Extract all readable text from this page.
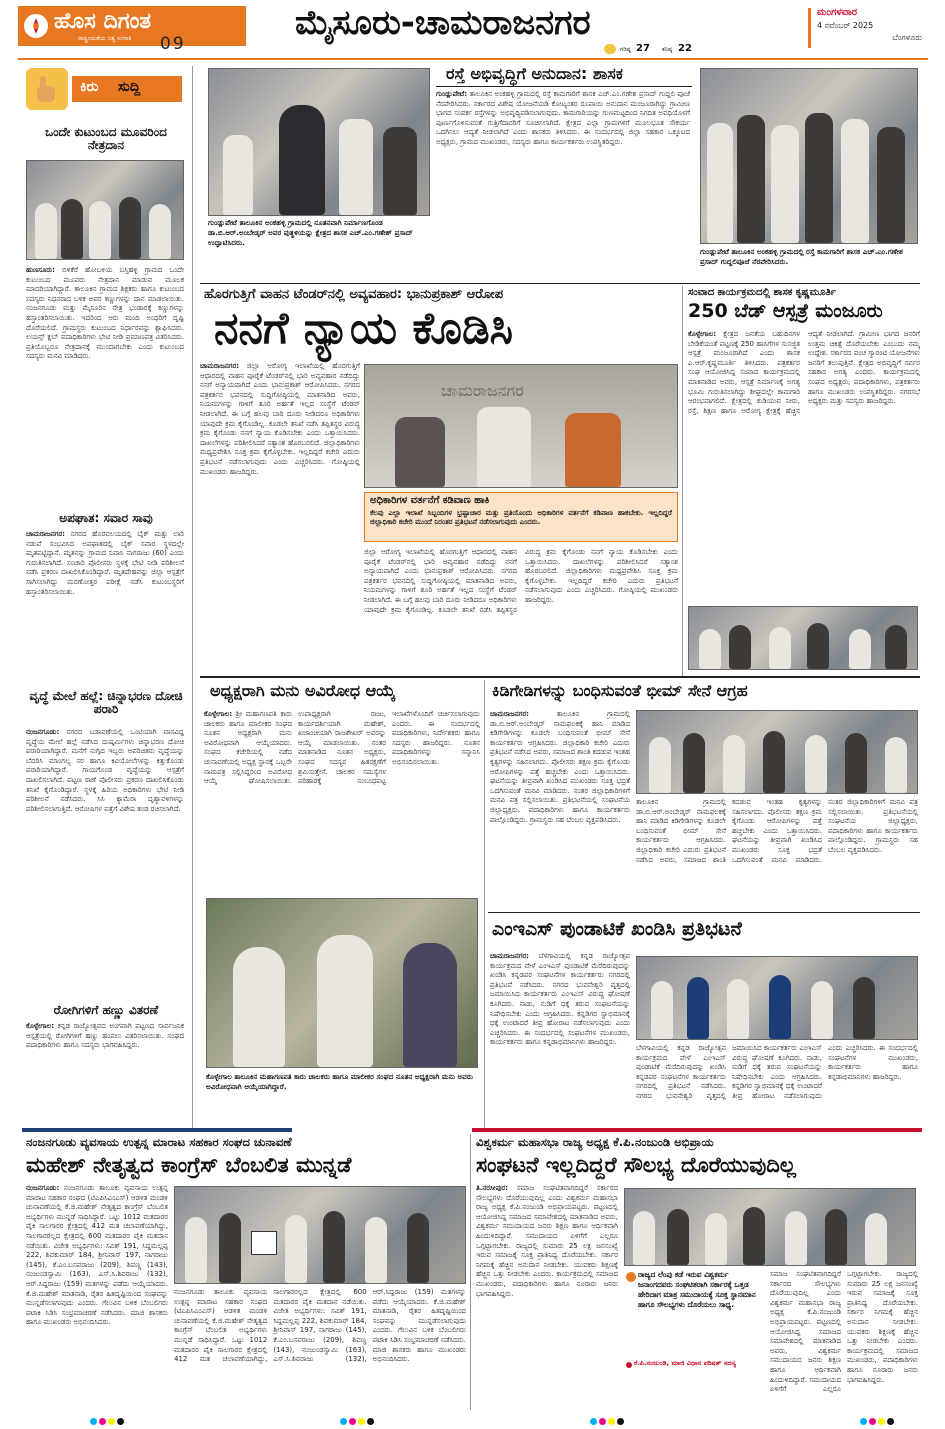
ಹೊಸ ದಿಗಂತ
ರಾಷ್ಟ್ರೀಯತೆಯ ನಿತ್ಯ ಸಂಗಾತಿ 09
ಮೈಸೂರು-ಚಾಮರಾಜನಗರ
ಗರಿಷ್ಠ 27 ಕನಿಷ್ಠ 22
ಮಂಗಳವಾರ
4 ನವೆಂಬರ್ 2025
ಬೆಂಗಳೂರು
ಕಿರು ಸುದ್ದಿ
ಒಂದೇ ಕುಟುಂಬದ ಮೂವರಿಂದ ನೇತ್ರದಾನ
ಹುಣಸೂರು: ಬಿಳಿಕೆರೆ ಹೋಬಳಿಯ ಬಸ್ತಿಹಳ್ಳಿ ಗ್ರಾಮದ ಒಂದೇ ಕುಟುಂಬದ ಮೂವರು ನೇತ್ರದಾನ ಮಾಡುವ ಮೂಲಕ ಮಾದರಿಯಾಗಿದ್ದಾರೆ. ತಾಲೂಕಿನ ಗ್ರಾಮದ ಶಿಕ್ಷಕರು ಹಾಗೂ ಕುಟುಂಬದ ಸದಸ್ಯರು ನಿಧನರಾದ ಬಳಿಕ ಅವರ ಕಣ್ಣುಗಳನ್ನು ದಾನ ಮಾಡಲಾಯಿತು. ನಂಜನಗೂಡು ಮತ್ತು ಮೈಸೂರಿನ ನೇತ್ರ ಭಂಡಾರಕ್ಕೆ ಕಣ್ಣುಗಳನ್ನು ಹಸ್ತಾಂತರಿಸಲಾಯಿತು. ಇದರಿಂದ ಆರು ಮಂದಿ ಅಂಧರಿಗೆ ದೃಷ್ಟಿ ದೊರೆಯಲಿದೆ. ಗ್ರಾಮಸ್ಥರು ಕುಟುಂಬದ ನಿರ್ಧಾರವನ್ನು ಶ್ಲಾಘಿಸಿದರು. ಲಯನ್ಸ್ ಕ್ಲಬ್ ಪದಾಧಿಕಾರಿಗಳು ಭೇಟಿ ನೀಡಿ ಪ್ರಮಾಣಪತ್ರ ವಿತರಿಸಿದರು. ಪ್ರತಿಯೊಬ್ಬರೂ ನೇತ್ರದಾನಕ್ಕೆ ಮುಂದಾಗಬೇಕು ಎಂದು ಕುಟುಂಬದ ಸದಸ್ಯರು ಮನವಿ ಮಾಡಿದರು.
ಅಪಘಾತ: ಸವಾರ ಸಾವು
ಚಾಮರಾಜನಗರ: ನಗರದ ಹೊರವಲಯದಲ್ಲಿ ಬೈಕ್ ಮತ್ತು ಲಾರಿ ನಡುವೆ ಸಂಭವಿಸಿದ ಅಪಘಾತದಲ್ಲಿ ಬೈಕ್ ಸವಾರ ಸ್ಥಳದಲ್ಲೇ ಮೃತಪಟ್ಟಿದ್ದಾನೆ. ಮೃತನನ್ನು ಗ್ರಾಮದ ನಿವಾಸಿ ನಾಗರಾಜು (60) ಎಂದು ಗುರುತಿಸಲಾಗಿದೆ. ಸಂಚಾರಿ ಪೊಲೀಸರು ಸ್ಥಳಕ್ಕೆ ಭೇಟಿ ನೀಡಿ ಪರಿಶೀಲನೆ ನಡೆಸಿ ಪ್ರಕರಣ ದಾಖಲಿಸಿಕೊಂಡಿದ್ದಾರೆ. ಮೃತದೇಹವನ್ನು ಜಿಲ್ಲಾ ಆಸ್ಪತ್ರೆಗೆ ಸಾಗಿಸಲಾಗಿದ್ದು ಮರಣೋತ್ತರ ಪರೀಕ್ಷೆ ನಡೆಸಿ ಕುಟುಂಬಸ್ಥರಿಗೆ ಹಸ್ತಾಂತರಿಸಲಾಯಿತು.
ವೃದ್ಧೆ ಮೇಲೆ ಹಲ್ಲೆ: ಚಿನ್ನಾಭರಣ ದೋಚಿ ಪರಾರಿ
ನಂಜನಗೂಡು: ನಗರದ ಬಡಾವಣೆಯಲ್ಲಿ ಒಂಟಿಯಾಗಿ ವಾಸವಿದ್ದ ವೃದ್ಧೆಯ ಮೇಲೆ ಹಲ್ಲೆ ನಡೆಸಿದ ದುಷ್ಕರ್ಮಿಗಳು ಚಿನ್ನಾಭರಣ ದೋಚಿ ಪರಾರಿಯಾಗಿದ್ದಾರೆ. ಮನೆಗೆ ನುಗ್ಗಿದ ಇಬ್ಬರು ಅಪರಿಚಿತರು ವೃದ್ಧೆಯನ್ನು ಬೆದರಿಸಿ ಮಾಂಗಲ್ಯ ಸರ ಹಾಗೂ ಕಿವಿಯೋಲೆಗಳನ್ನು ಕಿತ್ತುಕೊಂಡು ಪರಾರಿಯಾಗಿದ್ದಾರೆ. ಗಾಯಗೊಂಡ ವೃದ್ಧೆಯನ್ನು ಆಸ್ಪತ್ರೆಗೆ ದಾಖಲಿಸಲಾಗಿದೆ. ಪಟ್ಟಣ ಠಾಣೆ ಪೊಲೀಸರು ಪ್ರಕರಣ ದಾಖಲಿಸಿಕೊಂಡು ತನಿಖೆ ಕೈಗೊಂಡಿದ್ದಾರೆ. ಸ್ಥಳಕ್ಕೆ ಹಿರಿಯ ಅಧಿಕಾರಿಗಳು ಭೇಟಿ ನೀಡಿ ಪರಿಶೀಲನೆ ನಡೆಸಿದರು. ಸಿಸಿ ಕ್ಯಾಮೆರಾ ದೃಶ್ಯಾವಳಿಗಳನ್ನು ಪರಿಶೀಲಿಸಲಾಗುತ್ತಿದೆ. ಆರೋಪಿಗಳ ಪತ್ತೆಗೆ ವಿಶೇಷ ತಂಡ ರಚಿಸಲಾಗಿದೆ.
ರೋಗಿಗಳಿಗೆ ಹಣ್ಣು ವಿತರಣೆ
ಕೊಳ್ಳೇಗಾಲ: ಕನ್ನಡ ರಾಜ್ಯೋತ್ಸವದ ಅಂಗವಾಗಿ ಪಟ್ಟಣದ ಸಾರ್ವಜನಿಕ ಆಸ್ಪತ್ರೆಯಲ್ಲಿ ರೋಗಿಗಳಿಗೆ ಹಣ್ಣು ಹಂಪಲು ವಿತರಿಸಲಾಯಿತು. ಸಂಘದ ಪದಾಧಿಕಾರಿಗಳು ಹಾಗೂ ಸದಸ್ಯರು ಭಾಗವಹಿಸಿದ್ದರು.
ಗುಂಡ್ಲುಪೇಟೆ ತಾಲೂಕಿನ ಅಂಕಹಳ್ಳಿ ಗ್ರಾಮದಲ್ಲಿ ನೂತನವಾಗಿ ನಿರ್ಮಾಣಗೊಂಡ ಡಾ.ಬಿ.ಆರ್.ಅಂಬೇಡ್ಕರ್ ಅವರ ಪುತ್ಥಳಿಯನ್ನು ಕ್ಷೇತ್ರದ ಶಾಸಕ ಎಚ್.ಎಂ.ಗಣೇಶ್ ಪ್ರಸಾದ್ ಉದ್ಘಾಟಿಸಿದರು.
ರಸ್ತೆ ಅಭಿವೃದ್ಧಿಗೆ ಅನುದಾನ: ಶಾಸಕ
ಗುಂಡ್ಲುಪೇಟೆ: ತಾಲೂಕಿನ ಅಂಕಹಳ್ಳಿ ಗ್ರಾಮದಲ್ಲಿ ರಸ್ತೆ ಕಾಮಗಾರಿಗೆ ಶಾಸಕ ಎಚ್.ಎಂ.ಗಣೇಶ ಪ್ರಸಾದ್ ಗುದ್ದಲಿ ಪೂಜೆ ನೆರವೇರಿಸಿದರು. ಸರ್ಕಾರದ ವಿಶೇಷ ಯೋಜನೆಯಡಿ ಕೋಟ್ಯಂತರ ರೂಪಾಯಿ ಅನುದಾನ ಮಂಜೂರಾಗಿದ್ದು ಗ್ರಾಮೀಣ ಭಾಗದ ಸಂಪರ್ಕ ರಸ್ತೆಗಳನ್ನು ಅಭಿವೃದ್ಧಿಪಡಿಸಲಾಗುವುದು. ಕಾಮಗಾರಿಯನ್ನು ಗುಣಮಟ್ಟದಿಂದ ನಿಗದಿತ ಅವಧಿಯೊಳಗೆ ಪೂರ್ಣಗೊಳಿಸುವಂತೆ ಗುತ್ತಿಗೆದಾರರಿಗೆ ಸೂಚಿಸಲಾಗಿದೆ. ಕ್ಷೇತ್ರದ ಎಲ್ಲಾ ಗ್ರಾಮಗಳಿಗೆ ಮೂಲಭೂತ ಸೌಕರ್ಯ ಒದಗಿಸಲು ಆದ್ಯತೆ ನೀಡಲಾಗಿದೆ ಎಂದು ಶಾಸಕರು ತಿಳಿಸಿದರು. ಈ ಸಂದರ್ಭದಲ್ಲಿ ಜಿಲ್ಲಾ ಸಹಕಾರ ಒಕ್ಕೂಟದ ಅಧ್ಯಕ್ಷರು, ಗ್ರಾಮದ ಮುಖಂಡರು, ಸದಸ್ಯರು ಹಾಗೂ ಕಾರ್ಯಕರ್ತರು ಉಪಸ್ಥಿತರಿದ್ದರು.
ಗುಂಡ್ಲುಪೇಟೆ ತಾಲೂಕಿನ ಅಂಕಹಳ್ಳಿ ಗ್ರಾಮದಲ್ಲಿ ರಸ್ತೆ ಕಾಮಗಾರಿಗೆ ಶಾಸಕ ಎಚ್.ಎಂ.ಗಣೇಶ ಪ್ರಸಾದ್ ಗುದ್ದಲಿಪೂಜೆ ನೆರವೇರಿಸಿದರು.
ಹೊರಗುತ್ತಿಗೆ ವಾಹನ ಟೆಂಡರ್‌ನಲ್ಲಿ ಅವ್ಯವಹಾರ: ಭಾನುಪ್ರಕಾಶ್ ಆರೋಪ
ನನಗೆ ನ್ಯಾಯ ಕೊಡಿಸಿ
ಚಾಮರಾಜನಗರ: ಜಿಲ್ಲಾ ಆರೋಗ್ಯ ಇಲಾಖೆಯಲ್ಲಿ ಹೊರಗುತ್ತಿಗೆ ಆಧಾರದಲ್ಲಿ ವಾಹನ ಪೂರೈಕೆ ಟೆಂಡರ್‌ನಲ್ಲಿ ಭಾರಿ ಅವ್ಯವಹಾರ ನಡೆದಿದ್ದು ನನಗೆ ಅನ್ಯಾಯವಾಗಿದೆ ಎಂದು ಭಾನುಪ್ರಕಾಶ್ ಆರೋಪಿಸಿದರು. ನಗರದ ಪತ್ರಕರ್ತರ ಭವನದಲ್ಲಿ ಸುದ್ದಿಗೋಷ್ಠಿಯಲ್ಲಿ ಮಾತನಾಡಿದ ಅವರು, ನಿಯಮಗಳನ್ನು ಗಾಳಿಗೆ ತೂರಿ ಅರ್ಹತೆ ಇಲ್ಲದ ಸಂಸ್ಥೆಗೆ ಟೆಂಡರ್ ನೀಡಲಾಗಿದೆ. ಈ ಬಗ್ಗೆ ಹಲವು ಬಾರಿ ದೂರು ನೀಡಿದರೂ ಅಧಿಕಾರಿಗಳು ಯಾವುದೇ ಕ್ರಮ ಕೈಗೊಂಡಿಲ್ಲ. ಕೂಡಲೇ ತನಿಖೆ ನಡೆಸಿ ತಪ್ಪಿತಸ್ಥರ ವಿರುದ್ಧ ಕ್ರಮ ಕೈಗೊಂಡು ನನಗೆ ನ್ಯಾಯ ಕೊಡಿಸಬೇಕು ಎಂದು ಒತ್ತಾಯಿಸಿದರು. ದಾಖಲೆಗಳನ್ನು ಪರಿಶೀಲಿಸಿದರೆ ಸತ್ಯಾಂಶ ಹೊರಬರಲಿದೆ. ಜಿಲ್ಲಾಧಿಕಾರಿಗಳು ಮಧ್ಯಪ್ರವೇಶಿಸಿ ಸೂಕ್ತ ಕ್ರಮ ಕೈಗೊಳ್ಳಬೇಕು. ಇಲ್ಲದಿದ್ದರೆ ಕಚೇರಿ ಎದುರು ಪ್ರತಿಭಟನೆ ನಡೆಸಲಾಗುವುದು ಎಂದು ಎಚ್ಚರಿಸಿದರು. ಗೋಷ್ಠಿಯಲ್ಲಿ ಮುಖಂಡರು ಹಾಜರಿದ್ದರು.
ಚಾಮರಾಜನಗರ
ಅಧಿಕಾರಿಗಳ ವರ್ತನೆಗೆ ಕಡಿವಾಣ ಹಾಕಿ
ಕೆಲವು ಎಲ್ಲಾ ಇಲಾಖೆ ಸಿಬ್ಬಂದಿಗಳ ಭ್ರಷ್ಟಾಚಾರ ಮತ್ತು ಪ್ರತಿಯೊಂದು ಅಧಿಕಾರಿಗಳ ವರ್ತನೆಗೆ ಕಡಿವಾಣ ಹಾಕಬೇಕು. ಇಲ್ಲದಿದ್ದರೆ ಜಿಲ್ಲಾಧಿಕಾರಿ ಕಚೇರಿ ಮುಂದೆ ನಿರಂತರ ಪ್ರತಿಭಟನೆ ನಡೆಸಲಾಗುವುದು ಎಂದರು.
ಜಿಲ್ಲಾ ಆರೋಗ್ಯ ಇಲಾಖೆಯಲ್ಲಿ ಹೊರಗುತ್ತಿಗೆ ಆಧಾರದಲ್ಲಿ ವಾಹನ ಪೂರೈಕೆ ಟೆಂಡರ್‌ನಲ್ಲಿ ಭಾರಿ ಅವ್ಯವಹಾರ ನಡೆದಿದ್ದು ನನಗೆ ಅನ್ಯಾಯವಾಗಿದೆ ಎಂದು ಭಾನುಪ್ರಕಾಶ್ ಆರೋಪಿಸಿದರು. ನಗರದ ಪತ್ರಕರ್ತರ ಭವನದಲ್ಲಿ ಸುದ್ದಿಗೋಷ್ಠಿಯಲ್ಲಿ ಮಾತನಾಡಿದ ಅವರು, ನಿಯಮಗಳನ್ನು ಗಾಳಿಗೆ ತೂರಿ ಅರ್ಹತೆ ಇಲ್ಲದ ಸಂಸ್ಥೆಗೆ ಟೆಂಡರ್ ನೀಡಲಾಗಿದೆ. ಈ ಬಗ್ಗೆ ಹಲವು ಬಾರಿ ದೂರು ನೀಡಿದರೂ ಅಧಿಕಾರಿಗಳು ಯಾವುದೇ ಕ್ರಮ ಕೈಗೊಂಡಿಲ್ಲ. ಕೂಡಲೇ ತನಿಖೆ ನಡೆಸಿ ತಪ್ಪಿತಸ್ಥರ ವಿರುದ್ಧ ಕ್ರಮ ಕೈಗೊಂಡು ನನಗೆ ನ್ಯಾಯ ಕೊಡಿಸಬೇಕು ಎಂದು ಒತ್ತಾಯಿಸಿದರು. ದಾಖಲೆಗಳನ್ನು ಪರಿಶೀಲಿಸಿದರೆ ಸತ್ಯಾಂಶ ಹೊರಬರಲಿದೆ. ಜಿಲ್ಲಾಧಿಕಾರಿಗಳು ಮಧ್ಯಪ್ರವೇಶಿಸಿ ಸೂಕ್ತ ಕ್ರಮ ಕೈಗೊಳ್ಳಬೇಕು. ಇಲ್ಲದಿದ್ದರೆ ಕಚೇರಿ ಎದುರು ಪ್ರತಿಭಟನೆ ನಡೆಸಲಾಗುವುದು ಎಂದು ಎಚ್ಚರಿಸಿದರು. ಗೋಷ್ಠಿಯಲ್ಲಿ ಮುಖಂಡರು ಹಾಜರಿದ್ದರು.
ಸಂವಾದ ಕಾರ್ಯಕ್ರಮದಲ್ಲಿ ಶಾಸಕ ಕೃಷ್ಣಮೂರ್ತಿ
250 ಬೆಡ್ ಆಸ್ಪತ್ರೆ ಮಂಜೂರು
ಕೊಳ್ಳೇಗಾಲ: ಕ್ಷೇತ್ರದ ಜನತೆಯ ಬಹುದಿನಗಳ ಬೇಡಿಕೆಯಂತೆ ಪಟ್ಟಣಕ್ಕೆ 250 ಹಾಸಿಗೆಗಳ ಸುಸಜ್ಜಿತ ಆಸ್ಪತ್ರೆ ಮಂಜೂರಾಗಿದೆ ಎಂದು ಶಾಸಕ ಎ.ಆರ್.ಕೃಷ್ಣಮೂರ್ತಿ ತಿಳಿಸಿದರು. ಪತ್ರಕರ್ತರ ಸಂಘ ಆಯೋಜಿಸಿದ್ದ ಸಂವಾದ ಕಾರ್ಯಕ್ರಮದಲ್ಲಿ ಮಾತನಾಡಿದ ಅವರು, ಆಸ್ಪತ್ರೆ ನಿರ್ಮಾಣಕ್ಕೆ ಅಗತ್ಯ ಭೂಮಿ ಗುರುತಿಸಲಾಗಿದ್ದು ಶೀಘ್ರದಲ್ಲೇ ಕಾಮಗಾರಿ ಆರಂಭವಾಗಲಿದೆ. ಕ್ಷೇತ್ರದಲ್ಲಿ ಕುಡಿಯುವ ನೀರು, ರಸ್ತೆ, ಶಿಕ್ಷಣ ಹಾಗೂ ಆರೋಗ್ಯ ಕ್ಷೇತ್ರಕ್ಕೆ ಹೆಚ್ಚಿನ ಆದ್ಯತೆ ನೀಡಲಾಗಿದೆ. ಗ್ರಾಮೀಣ ಭಾಗದ ಜನರಿಗೆ ಉತ್ತಮ ಚಿಕಿತ್ಸೆ ದೊರೆಯಬೇಕು ಎಂಬುದು ನಮ್ಮ ಉದ್ದೇಶ. ಸರ್ಕಾರದ ಪಂಚ ಗ್ಯಾರಂಟಿ ಯೋಜನೆಗಳು ಜನರಿಗೆ ತಲುಪುತ್ತಿವೆ. ಕ್ಷೇತ್ರದ ಅಭಿವೃದ್ಧಿಗೆ ಸರ್ವರ ಸಹಕಾರ ಅಗತ್ಯ ಎಂದರು. ಕಾರ್ಯಕ್ರಮದಲ್ಲಿ ಸಂಘದ ಅಧ್ಯಕ್ಷರು, ಪದಾಧಿಕಾರಿಗಳು, ಪತ್ರಕರ್ತರು ಹಾಗೂ ಮುಖಂಡರು ಉಪಸ್ಥಿತರಿದ್ದರು. ನಗರಸಭೆ ಅಧ್ಯಕ್ಷರು ಮತ್ತು ಸದಸ್ಯರು ಹಾಜರಿದ್ದರು.
ಅಧ್ಯಕ್ಷರಾಗಿ ಮನು ಅವಿರೋಧ ಆಯ್ಕೆ
ಕೊಳ್ಳೇಗಾಲ: ಶ್ರೀ ಮಹಾಗಣಪತಿ ಕಾರು ಚಾಲಕರು ಹಾಗೂ ಮಾಲೀಕರ ಸಂಘದ ನೂತನ ಅಧ್ಯಕ್ಷರಾಗಿ ಮನು ಅವಿರೋಧವಾಗಿ ಆಯ್ಕೆಯಾದರು. ಸಂಘದ ಕಚೇರಿಯಲ್ಲಿ ನಡೆದ ಚುನಾವಣೆಯಲ್ಲಿ ಅಧ್ಯಕ್ಷ ಸ್ಥಾನಕ್ಕೆ ಒಬ್ಬರೇ ನಾಮಪತ್ರ ಸಲ್ಲಿಸಿದ್ದರಿಂದ ಅವಿರೋಧ ಆಯ್ಕೆ ಘೋಷಿಸಲಾಯಿತು. ಉಪಾಧ್ಯಕ್ಷರಾಗಿ ರಾಜು, ಕಾರ್ಯದರ್ಶಿಯಾಗಿ ಮಹೇಶ್, ಖಜಾಂಚಿಯಾಗಿ ರಾಜಶೇಖರ್ ಅವರನ್ನು ಆಯ್ಕೆ ಮಾಡಲಾಯಿತು. ನಂತರ ಮಾತನಾಡಿದ ನೂತನ ಅಧ್ಯಕ್ಷರು, ಸಂಘದ ಸದಸ್ಯರ ಹಿತರಕ್ಷಣೆಗೆ ಶ್ರಮಿಸುತ್ತೇನೆ. ಚಾಲಕರ ಸಮಸ್ಯೆಗಳ ಪರಿಹಾರಕ್ಕೆ ಸಂಬಂಧಪಟ್ಟ ಇಲಾಖೆಗಳೊಂದಿಗೆ ಚರ್ಚಿಸಲಾಗುವುದು ಎಂದರು. ಈ ಸಂದರ್ಭದಲ್ಲಿ ಪದಾಧಿಕಾರಿಗಳು, ನಿರ್ದೇಶಕರು ಹಾಗೂ ಸದಸ್ಯರು ಹಾಜರಿದ್ದರು. ನೂತನ ಪದಾಧಿಕಾರಿಗಳನ್ನು ಸನ್ಮಾನಿಸಿ ಅಭಿನಂದಿಸಲಾಯಿತು.
ಕೊಳ್ಳೇಗಾಲ ತಾಲೂಕಿನ ಮಹಾಗಣಪತಿ ಕಾರು ಚಾಲಕರು ಹಾಗೂ ಮಾಲೀಕರ ಸಂಘದ ನೂತನ ಅಧ್ಯಕ್ಷರಾಗಿ ಮನು ಅವರು ಅವಿರೋಧವಾಗಿ ಆಯ್ಕೆಯಾಗಿದ್ದಾರೆ.
ಕಿಡಿಗೇಡಿಗಳನ್ನು ಬಂಧಿಸುವಂತೆ ಭೀಮ್ ಸೇನೆ ಆಗ್ರಹ
ಚಾಮರಾಜನಗರ:	ತಾಲೂಕಿನ ಗ್ರಾಮದಲ್ಲಿ ಡಾ.ಬಿ.ಆರ್.ಅಂಬೇಡ್ಕರ್ ನಾಮಫಲಕಕ್ಕೆ ಹಾನಿ ಮಾಡಿದ ಕಿಡಿಗೇಡಿಗಳನ್ನು ಕೂಡಲೇ ಬಂಧಿಸುವಂತೆ ಭೀಮ್ ಸೇನೆ ಕಾರ್ಯಕರ್ತರು ಆಗ್ರಹಿಸಿದರು. ಜಿಲ್ಲಾಧಿಕಾರಿ ಕಚೇರಿ ಎದುರು ಪ್ರತಿಭಟನೆ ನಡೆಸಿದ ಅವರು, ಸಮಾಜದ ಶಾಂತಿ ಕದಡುವ ಇಂತಹ ಕೃತ್ಯಗಳನ್ನು ಸಹಿಸಲಾಗದು. ಪೊಲೀಸರು ತಕ್ಷಣ ಕ್ರಮ ಕೈಗೊಂಡು ಆರೋಪಿಗಳನ್ನು ಪತ್ತೆ ಹಚ್ಚಬೇಕು ಎಂದು ಒತ್ತಾಯಿಸಿದರು. ಘಟನೆಯನ್ನು ತೀವ್ರವಾಗಿ ಖಂಡಿಸಿದ ಮುಖಂಡರು ಸೂಕ್ತ ಭದ್ರತೆ ಒದಗಿಸುವಂತೆ ಮನವಿ ಮಾಡಿದರು. ನಂತರ ಜಿಲ್ಲಾಧಿಕಾರಿಗಳಿಗೆ ಮನವಿ ಪತ್ರ ಸಲ್ಲಿಸಲಾಯಿತು. ಪ್ರತಿಭಟನೆಯಲ್ಲಿ ಸಂಘಟನೆಯ ಜಿಲ್ಲಾಧ್ಯಕ್ಷರು, ಪದಾಧಿಕಾರಿಗಳು ಹಾಗೂ ಕಾರ್ಯಕರ್ತರು ಪಾಲ್ಗೊಂಡಿದ್ದರು. ಗ್ರಾಮಸ್ಥರು ಸಹ ಬೆಂಬಲ ವ್ಯಕ್ತಪಡಿಸಿದರು.
ತಾಲೂಕಿನ ಗ್ರಾಮದಲ್ಲಿ ಡಾ.ಬಿ.ಆರ್.ಅಂಬೇಡ್ಕರ್ ನಾಮಫಲಕಕ್ಕೆ ಹಾನಿ ಮಾಡಿದ ಕಿಡಿಗೇಡಿಗಳನ್ನು ಕೂಡಲೇ ಬಂಧಿಸುವಂತೆ ಭೀಮ್ ಸೇನೆ ಕಾರ್ಯಕರ್ತರು ಆಗ್ರಹಿಸಿದರು. ಜಿಲ್ಲಾಧಿಕಾರಿ ಕಚೇರಿ ಎದುರು ಪ್ರತಿಭಟನೆ ನಡೆಸಿದ ಅವರು, ಸಮಾಜದ ಶಾಂತಿ ಕದಡುವ ಇಂತಹ ಕೃತ್ಯಗಳನ್ನು ಸಹಿಸಲಾಗದು. ಪೊಲೀಸರು ತಕ್ಷಣ ಕ್ರಮ ಕೈಗೊಂಡು ಆರೋಪಿಗಳನ್ನು ಪತ್ತೆ ಹಚ್ಚಬೇಕು ಎಂದು ಒತ್ತಾಯಿಸಿದರು. ಘಟನೆಯನ್ನು ತೀವ್ರವಾಗಿ ಖಂಡಿಸಿದ ಮುಖಂಡರು ಸೂಕ್ತ ಭದ್ರತೆ ಒದಗಿಸುವಂತೆ ಮನವಿ ಮಾಡಿದರು. ನಂತರ ಜಿಲ್ಲಾಧಿಕಾರಿಗಳಿಗೆ ಮನವಿ ಪತ್ರ ಸಲ್ಲಿಸಲಾಯಿತು. ಪ್ರತಿಭಟನೆಯಲ್ಲಿ ಸಂಘಟನೆಯ ಜಿಲ್ಲಾಧ್ಯಕ್ಷರು, ಪದಾಧಿಕಾರಿಗಳು ಹಾಗೂ ಕಾರ್ಯಕರ್ತರು ಪಾಲ್ಗೊಂಡಿದ್ದರು. ಗ್ರಾಮಸ್ಥರು ಸಹ ಬೆಂಬಲ ವ್ಯಕ್ತಪಡಿಸಿದರು.
ಎಂಇಎಸ್ ಪುಂಡಾಟಿಕೆ ಖಂಡಿಸಿ ಪ್ರತಿಭಟನೆ
ಚಾಮರಾಜನಗರ: ಬೆಳಗಾವಿಯಲ್ಲಿ ಕನ್ನಡ ರಾಜ್ಯೋತ್ಸವ ಕಾರ್ಯಕ್ರಮದ ವೇಳೆ ಎಂಇಎಸ್ ಪುಂಡಾಟಿಕೆ ಮೆರೆದಿರುವುದನ್ನು ಖಂಡಿಸಿ ಕನ್ನಡಪರ ಸಂಘಟನೆಗಳ ಕಾರ್ಯಕರ್ತರು ನಗರದಲ್ಲಿ ಪ್ರತಿಭಟನೆ ನಡೆಸಿದರು. ನಗರದ ಭುವನೇಶ್ವರಿ ವೃತ್ತದಲ್ಲಿ ಜಮಾಯಿಸಿದ ಕಾರ್ಯಕರ್ತರು ಎಂಇಎಸ್ ವಿರುದ್ಧ ಘೋಷಣೆ ಕೂಗಿದರು. ನಾಡು, ನುಡಿಗೆ ಧಕ್ಕೆ ತರುವ ಸಂಘಟನೆಯನ್ನು ನಿಷೇಧಿಸಬೇಕು ಎಂದು ಆಗ್ರಹಿಸಿದರು. ಕನ್ನಡಿಗರ ಸ್ವಾಭಿಮಾನಕ್ಕೆ ಧಕ್ಕೆ ಉಂಟಾದರೆ ತೀವ್ರ ಹೋರಾಟ ನಡೆಸಲಾಗುವುದು ಎಂದು ಎಚ್ಚರಿಸಿದರು. ಈ ಸಂದರ್ಭದಲ್ಲಿ ಸಂಘಟನೆಗಳ ಮುಖಂಡರು, ಕಾರ್ಯಕರ್ತರು ಹಾಗೂ ಕನ್ನಡಾಭಿಮಾನಿಗಳು ಹಾಜರಿದ್ದರು.
ಬೆಳಗಾವಿಯಲ್ಲಿ ಕನ್ನಡ ರಾಜ್ಯೋತ್ಸವ ಕಾರ್ಯಕ್ರಮದ ವೇಳೆ ಎಂಇಎಸ್ ಪುಂಡಾಟಿಕೆ ಮೆರೆದಿರುವುದನ್ನು ಖಂಡಿಸಿ ಕನ್ನಡಪರ ಸಂಘಟನೆಗಳ ಕಾರ್ಯಕರ್ತರು ನಗರದಲ್ಲಿ ಪ್ರತಿಭಟನೆ ನಡೆಸಿದರು. ನಗರದ ಭುವನೇಶ್ವರಿ ವೃತ್ತದಲ್ಲಿ ಜಮಾಯಿಸಿದ ಕಾರ್ಯಕರ್ತರು ಎಂಇಎಸ್ ವಿರುದ್ಧ ಘೋಷಣೆ ಕೂಗಿದರು. ನಾಡು, ನುಡಿಗೆ ಧಕ್ಕೆ ತರುವ ಸಂಘಟನೆಯನ್ನು ನಿಷೇಧಿಸಬೇಕು ಎಂದು ಆಗ್ರಹಿಸಿದರು. ಕನ್ನಡಿಗರ ಸ್ವಾಭಿಮಾನಕ್ಕೆ ಧಕ್ಕೆ ಉಂಟಾದರೆ ತೀವ್ರ ಹೋರಾಟ ನಡೆಸಲಾಗುವುದು ಎಂದು ಎಚ್ಚರಿಸಿದರು. ಈ ಸಂದರ್ಭದಲ್ಲಿ ಸಂಘಟನೆಗಳ ಮುಖಂಡರು, ಕಾರ್ಯಕರ್ತರು ಹಾಗೂ ಕನ್ನಡಾಭಿಮಾನಿಗಳು ಹಾಜರಿದ್ದರು.
ನಂಜನಗೂಡು ವ್ಯವಸಾಯ ಉತ್ಪನ್ನ ಮಾರಾಟ ಸಹಕಾರ ಸಂಘದ ಚುನಾವಣೆ
ಮಹೇಶ್ ನೇತೃತ್ವದ ಕಾಂಗ್ರೆಸ್ ಬೆಂಬಲಿತ ಮುನ್ನಡೆ
ನಂಜನಗೂಡು: ನಂಜನಗೂಡು ತಾಲೂಕು ವ್ಯವಸಾಯ ಉತ್ಪನ್ನ ಮಾರಾಟ ಸಹಕಾರ ಸಂಘದ (ಟಿಎಪಿಸಿಎಂಎಸ್) ಆಡಳಿತ ಮಂಡಳಿ ಚುನಾವಣೆಯಲ್ಲಿ ಕೆ.ಜಿ.ಮಹೇಶ್ ನೇತೃತ್ವದ ಕಾಂಗ್ರೆಸ್ ಬೆಂಬಲಿತ ಅಭ್ಯರ್ಥಿಗಳು ಮುನ್ನಡೆ ಸಾಧಿಸಿದ್ದಾರೆ. ಒಟ್ಟು 1012 ಮತದಾರರ ಪೈಕಿ ಸಾಲಗಾರರ ಕ್ಷೇತ್ರದಲ್ಲಿ 412 ಮತ ಚಲಾವಣೆಯಾಗಿದ್ದು, ಸಾಲಗಾರರಲ್ಲದ ಕ್ಷೇತ್ರದಲ್ಲಿ 600 ಮತದಾರರ ಪೈಕಿ ಮತದಾನ ನಡೆಯಿತು. ವಿಜೇತ ಅಭ್ಯರ್ಥಿಗಳು: ಸವಿತ್ 191, ಸಿದ್ದಮಲ್ಲಪ್ಪ 222, ಶಿವಕುಮಾರ್ 184, ಶ್ರೀನಿವಾಸ್ 197, ನಾಗರಾಜು (145), ಕೆ.ಎಂ.ಬಸವರಾಜು (209), ಶಿವಣ್ಣ (143), ನಂಜುಂಡಸ್ವಾಮಿ (163), ಎಸ್.ಸಿ.ಶಿವರಾಜು (132), ಆರ್.ಸಿದ್ದರಾಜು (159) ಮತಗಳನ್ನು ಪಡೆದು ಆಯ್ಕೆಯಾದರು. ಕೆ.ಜಿ.ಮಹೇಶ್ ಮಾತನಾಡಿ, ರೈತರ ಹಿತದೃಷ್ಟಿಯಿಂದ ಸಂಘವನ್ನು ಮುನ್ನಡೆಸಲಾಗುವುದು ಎಂದರು. ಗೆಲುವಿನ ಬಳಿಕ ಬೆಂಬಲಿಗರು ಪಟಾಕಿ ಸಿಡಿಸಿ ಸಂಭ್ರಮಾಚರಣೆ ನಡೆಸಿದರು. ಮಾಜಿ ಶಾಸಕರು ಹಾಗೂ ಮುಖಂಡರು ಅಭಿನಂದಿಸಿದರು.
ನಂಜನಗೂಡು ತಾಲೂಕು ವ್ಯವಸಾಯ ಉತ್ಪನ್ನ ಮಾರಾಟ ಸಹಕಾರ ಸಂಘದ (ಟಿಎಪಿಸಿಎಂಎಸ್) ಆಡಳಿತ ಮಂಡಳಿ ಚುನಾವಣೆಯಲ್ಲಿ ಕೆ.ಜಿ.ಮಹೇಶ್ ನೇತೃತ್ವದ ಕಾಂಗ್ರೆಸ್ ಬೆಂಬಲಿತ ಅಭ್ಯರ್ಥಿಗಳು ಮುನ್ನಡೆ ಸಾಧಿಸಿದ್ದಾರೆ. ಒಟ್ಟು 1012 ಮತದಾರರ ಪೈಕಿ ಸಾಲಗಾರರ ಕ್ಷೇತ್ರದಲ್ಲಿ 412 ಮತ ಚಲಾವಣೆಯಾಗಿದ್ದು, ಸಾಲಗಾರರಲ್ಲದ ಕ್ಷೇತ್ರದಲ್ಲಿ 600 ಮತದಾರರ ಪೈಕಿ ಮತದಾನ ನಡೆಯಿತು. ವಿಜೇತ ಅಭ್ಯರ್ಥಿಗಳು: ಸವಿತ್ 191, ಸಿದ್ದಮಲ್ಲಪ್ಪ 222, ಶಿವಕುಮಾರ್ 184, ಶ್ರೀನಿವಾಸ್ 197, ನಾಗರಾಜು (145), ಕೆ.ಎಂ.ಬಸವರಾಜು (209), ಶಿವಣ್ಣ (143), ನಂಜುಂಡಸ್ವಾಮಿ (163), ಎಸ್.ಸಿ.ಶಿವರಾಜು (132), ಆರ್.ಸಿದ್ದರಾಜು (159) ಮತಗಳನ್ನು ಪಡೆದು ಆಯ್ಕೆಯಾದರು. ಕೆ.ಜಿ.ಮಹೇಶ್ ಮಾತನಾಡಿ, ರೈತರ ಹಿತದೃಷ್ಟಿಯಿಂದ ಸಂಘವನ್ನು ಮುನ್ನಡೆಸಲಾಗುವುದು ಎಂದರು. ಗೆಲುವಿನ ಬಳಿಕ ಬೆಂಬಲಿಗರು ಪಟಾಕಿ ಸಿಡಿಸಿ ಸಂಭ್ರಮಾಚರಣೆ ನಡೆಸಿದರು. ಮಾಜಿ ಶಾಸಕರು ಹಾಗೂ ಮುಖಂಡರು ಅಭಿನಂದಿಸಿದರು.
ವಿಶ್ವಕರ್ಮ ಮಹಾಸಭಾ ರಾಜ್ಯ ಅಧ್ಯಕ್ಷ ಕೆ.ಪಿ.ನಂಜುಂಡಿ ಅಭಿಪ್ರಾಯ
ಸಂಘಟನೆ ಇಲ್ಲದಿದ್ದರೆ ಸೌಲಭ್ಯ ದೊರೆಯುವುದಿಲ್ಲ
ತಿ.ನರಸೀಪುರ: ಸಮಾಜ ಸಂಘಟಿತವಾಗದಿದ್ದರೆ ಸರ್ಕಾರದ ಸೌಲಭ್ಯಗಳು ದೊರೆಯುವುದಿಲ್ಲ ಎಂದು ವಿಶ್ವಕರ್ಮ ಮಹಾಸಭಾ ರಾಜ್ಯ ಅಧ್ಯಕ್ಷ ಕೆ.ಪಿ.ನಂಜುಂಡಿ ಅಭಿಪ್ರಾಯಪಟ್ಟರು. ಪಟ್ಟಣದಲ್ಲಿ ಆಯೋಜಿಸಿದ್ದ ಸಮಾಜದ ಸಮಾವೇಶದಲ್ಲಿ ಮಾತನಾಡಿದ ಅವರು, ವಿಶ್ವಕರ್ಮ ಸಮುದಾಯದ ಜನರು ಶಿಕ್ಷಣ ಹಾಗೂ ಆರ್ಥಿಕವಾಗಿ ಹಿಂದುಳಿದಿದ್ದಾರೆ. ಸಮುದಾಯದ ಏಳಿಗೆಗೆ ಎಲ್ಲರೂ ಒಗ್ಗಟ್ಟಾಗಬೇಕು. ರಾಜ್ಯದಲ್ಲಿ ಸುಮಾರು 25 ಲಕ್ಷ ಜನಸಂಖ್ಯೆ ಇರುವ ಸಮಾಜಕ್ಕೆ ಸೂಕ್ತ ಪ್ರಾತಿನಿಧ್ಯ ದೊರೆಯಬೇಕು. ಸರ್ಕಾರ ನಿಗಮಕ್ಕೆ ಹೆಚ್ಚಿನ ಅನುದಾನ ನೀಡಬೇಕು. ಯುವಕರು ಶಿಕ್ಷಣಕ್ಕೆ ಹೆಚ್ಚಿನ ಒತ್ತು ನೀಡಬೇಕು ಎಂದರು. ಕಾರ್ಯಕ್ರಮದಲ್ಲಿ ಸಮಾಜದ ಮುಖಂಡರು, ಪದಾಧಿಕಾರಿಗಳು ಹಾಗೂ ನೂರಾರು ಜನರು ಭಾಗವಹಿಸಿದ್ದರು.
ರಾಜ್ಯದ ಲೆಂಪು ಕಡೆ ಇರುವ ವಿಶ್ವಕರ್ಮ ಜನಾಂಗದವರು ಸಂಘಟಿತರಾಗಿ ಸರ್ಕಾರಕ್ಕೆ ಒತ್ತಡ ಹೇರಿದಾಗ ಮಾತ್ರ ಸಮುದಾಯಕ್ಕೆ ಸೂಕ್ತ ಸ್ಥಾನಮಾನ ಹಾಗೂ ಸೌಲಭ್ಯಗಳು ದೊರೆಯಲು ಸಾಧ್ಯ.
ಕೆ.ಪಿ.ನಂಜುಂಡಿ, ಮಾಜಿ ವಿಧಾನ ಪರಿಷತ್ ಸದಸ್ಯ
ಸಮಾಜ ಸಂಘಟಿತವಾಗದಿದ್ದರೆ ಸರ್ಕಾರದ ಸೌಲಭ್ಯಗಳು ದೊರೆಯುವುದಿಲ್ಲ ಎಂದು ವಿಶ್ವಕರ್ಮ ಮಹಾಸಭಾ ರಾಜ್ಯ ಅಧ್ಯಕ್ಷ ಕೆ.ಪಿ.ನಂಜುಂಡಿ ಅಭಿಪ್ರಾಯಪಟ್ಟರು. ಪಟ್ಟಣದಲ್ಲಿ ಆಯೋಜಿಸಿದ್ದ ಸಮಾಜದ ಸಮಾವೇಶದಲ್ಲಿ ಮಾತನಾಡಿದ ಅವರು, ವಿಶ್ವಕರ್ಮ ಸಮುದಾಯದ ಜನರು ಶಿಕ್ಷಣ ಹಾಗೂ ಆರ್ಥಿಕವಾಗಿ ಹಿಂದುಳಿದಿದ್ದಾರೆ. ಸಮುದಾಯದ ಏಳಿಗೆಗೆ ಎಲ್ಲರೂ ಒಗ್ಗಟ್ಟಾಗಬೇಕು. ರಾಜ್ಯದಲ್ಲಿ ಸುಮಾರು 25 ಲಕ್ಷ ಜನಸಂಖ್ಯೆ ಇರುವ ಸಮಾಜಕ್ಕೆ ಸೂಕ್ತ ಪ್ರಾತಿನಿಧ್ಯ ದೊರೆಯಬೇಕು. ಸರ್ಕಾರ ನಿಗಮಕ್ಕೆ ಹೆಚ್ಚಿನ ಅನುದಾನ ನೀಡಬೇಕು. ಯುವಕರು ಶಿಕ್ಷಣಕ್ಕೆ ಹೆಚ್ಚಿನ ಒತ್ತು ನೀಡಬೇಕು ಎಂದರು. ಕಾರ್ಯಕ್ರಮದಲ್ಲಿ ಸಮಾಜದ ಮುಖಂಡರು, ಪದಾಧಿಕಾರಿಗಳು ಹಾಗೂ ನೂರಾರು ಜನರು ಭಾಗವಹಿಸಿದ್ದರು.
